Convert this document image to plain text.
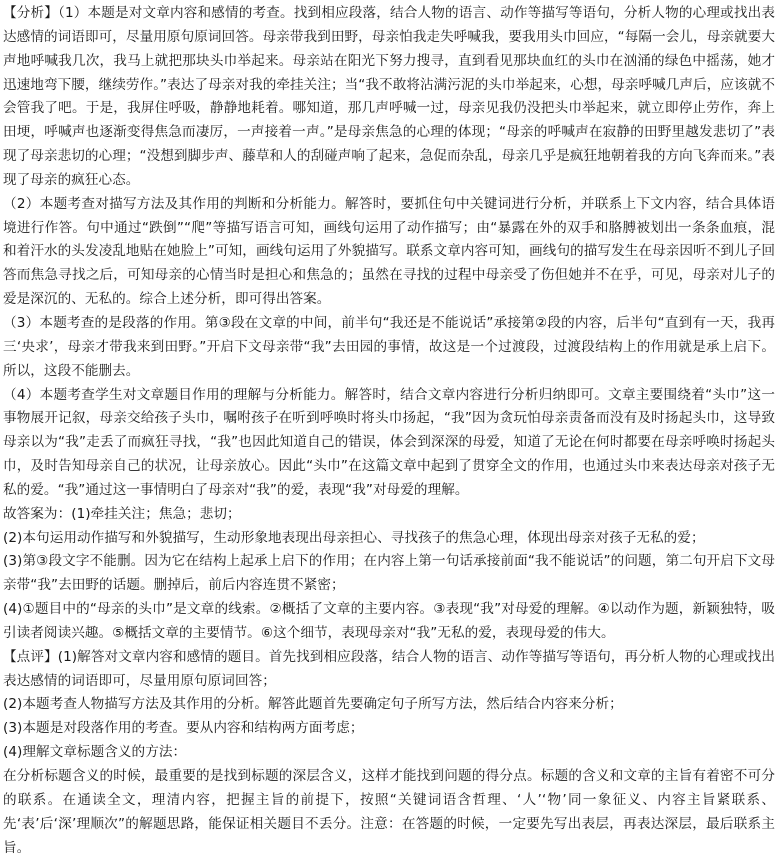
【分析】（1）本题是对文章内容和感情的考查。找到相应段落，结合人物的语言、动作等描写等语句，分析人物的心理或找出表达感情的词语即可，尽量用原句原词回答。母亲带我到田野，母亲怕我走失呼喊我，要我用头巾回应，“每隔一会儿，母亲就要大声地呼喊我几次，我马上就把那块头巾举起来。母亲站在阳光下努力搜寻，直到看见那块血红的头巾在汹涌的绿色中摇荡，她才迅速地弯下腰，继续劳作。”表达了母亲对我的牵挂关注；当“我不敢将沾满污泥的头巾举起来，心想，母亲呼喊几声后，应该就不会管我了吧。于是，我屏住呼吸，静静地耗着。哪知道，那几声呼喊一过，母亲见我仍没把头巾举起来，就立即停止劳作，奔上田埂，呼喊声也逐渐变得焦急而凄厉，一声接着一声。”是母亲焦急的心理的体现；“母亲的呼喊声在寂静的田野里越发悲切了”表现了母亲悲切的心理；“没想到脚步声、藤草和人的刮碰声响了起来，急促而杂乱，母亲几乎是疯狂地朝着我的方向飞奔而来。”表现了母亲的疯狂心态。

（2）本题考查对描写方法及其作用的判断和分析能力。解答时，要抓住句中关键词进行分析，并联系上下文内容，结合具体语境进行作答。句中通过“跌倒”“爬”等描写语言可知，画线句运用了动作描写；由“暴露在外的双手和胳膊被划出一条条血痕，混和着汗水的头发凌乱地贴在她脸上”可知，画线句运用了外貌描写。联系文章内容可知，画线句的描写发生在母亲因听不到儿子回答而焦急寻找之后，可知母亲的心情当时是担心和焦急的；虽然在寻找的过程中母亲受了伤但她并不在乎，可见，母亲对儿子的爱是深沉的、无私的。综合上述分析，即可得出答案。

（3）本题考查的是段落的作用。第③段在文章的中间，前半句“我还是不能说话”承接第②段的内容，后半句“直到有一天，我再三‘央求’，母亲才带我来到田野。”开启下文母亲带“我”去田园的事情，故这是一个过渡段，过渡段结构上的作用就是承上启下。所以，这段不能删去。

（4）本题考查学生对文章题目作用的理解与分析能力。解答时，结合文章内容进行分析归纳即可。文章主要围绕着“头巾”这一事物展开记叙，母亲交给孩子头巾，嘱咐孩子在听到呼唤时将头巾扬起，“我”因为贪玩怕母亲责备而没有及时扬起头巾，这导致母亲以为“我”走丢了而疯狂寻找，“我”也因此知道自己的错误，体会到深深的母爱，知道了无论在何时都要在母亲呼唤时扬起头巾，及时告知母亲自己的状况，让母亲放心。因此“头巾”在这篇文章中起到了贯穿全文的作用，也通过头巾来表达母亲对孩子无私的爱。“我”通过这一事情明白了母亲对“我”的爱，表现“我”对母爱的理解。

故答案为：(1)牵挂关注；焦急；悲切；

(2)本句运用动作描写和外貌描写，生动形象地表现出母亲担心、寻找孩子的焦急心理，体现出母亲对孩子无私的爱；

(3)第③段文字不能删。因为它在结构上起承上启下的作用；在内容上第一句话承接前面“我不能说话”的问题，第二句开启下文母亲带“我”去田野的话题。删掉后，前后内容连贯不紧密；

(4)①题目中的“母亲的头巾”是文章的线索。②概括了文章的主要内容。③表现“我”对母爱的理解。④以动作为题，新颖独特，吸引读者阅读兴趣。⑤概括文章的主要情节。⑥这个细节，表现母亲对“我”无私的爱，表现母爱的伟大。

【点评】(1)解答对文章内容和感情的题目。首先找到相应段落，结合人物的语言、动作等描写等语句，再分析人物的心理或找出表达感情的词语即可，尽量用原句原词回答；

(2)本题考查人物描写方法及其作用的分析。解答此题首先要确定句子所写方法，然后结合内容来分析；

(3)本题是对段落作用的考查。要从内容和结构两方面考虑；

(4)理解文章标题含义的方法：

在分析标题含义的时候，最重要的是找到标题的深层含义，这样才能找到问题的得分点。标题的含义和文章的主旨有着密不可分的联系。在通读全文，理清内容，把握主旨的前提下，按照“关键词语含哲理、‘人’‘物’同一象征义、内容主旨紧联系、先‘表’后‘深’理顺次”的解题思路，能保证相关题目不丢分。注意：在答题的时候，一定要先写出表层，再表达深层，最后联系主旨。
